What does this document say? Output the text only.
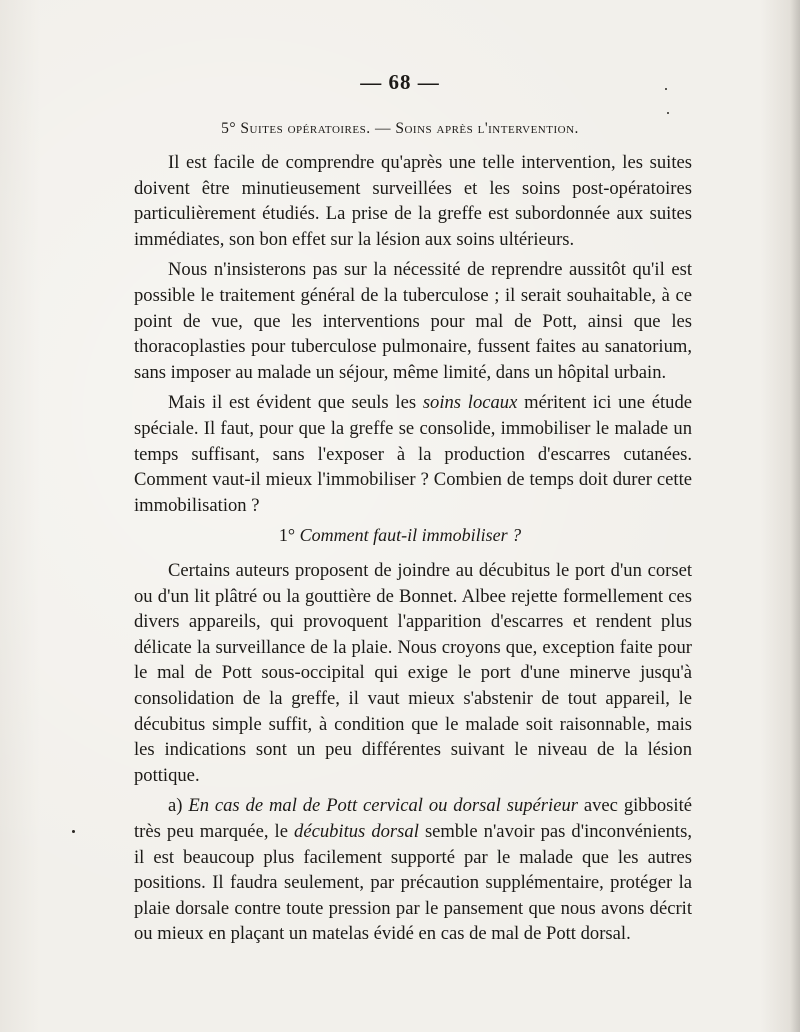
— 68 —
5° Suites opératoires. — Soins après l'intervention.

Il est facile de comprendre qu'après une telle intervention, les suites doivent être minutieusement surveillées et les soins post-opératoires particulièrement étudiés. La prise de la greffe est subordonnée aux suites immédiates, son bon effet sur la lésion aux soins ultérieurs.

Nous n'insisterons pas sur la nécessité de reprendre aussitôt qu'il est possible le traitement général de la tuberculose ; il serait souhaitable, à ce point de vue, que les interventions pour mal de Pott, ainsi que les thoracoplasties pour tuberculose pulmonaire, fussent faites au sanatorium, sans imposer au malade un séjour, même limité, dans un hôpital urbain.

Mais il est évident que seuls les soins locaux méritent ici une étude spéciale. Il faut, pour que la greffe se consolide, immobiliser le malade un temps suffisant, sans l'exposer à la production d'escarres cutanées. Comment vaut-il mieux l'immobiliser ? Combien de temps doit durer cette immobilisation ?

1° Comment faut-il immobiliser ?

Certains auteurs proposent de joindre au décubitus le port d'un corset ou d'un lit plâtré ou la gouttière de Bonnet. Albee rejette formellement ces divers appareils, qui provoquent l'apparition d'escarres et rendent plus délicate la surveillance de la plaie. Nous croyons que, exception faite pour le mal de Pott sous-occipital qui exige le port d'une minerve jusqu'à consolidation de la greffe, il vaut mieux s'abstenir de tout appareil, le décubitus simple suffit, à condition que le malade soit raisonnable, mais les indications sont un peu différentes suivant le niveau de la lésion pottique.

a) En cas de mal de Pott cervical ou dorsal supérieur avec gibbosité très peu marquée, le décubitus dorsal semble n'avoir pas d'inconvénients, il est beaucoup plus facilement supporté par le malade que les autres positions. Il faudra seulement, par précaution supplémentaire, protéger la plaie dorsale contre toute pression par le pansement que nous avons décrit ou mieux en plaçant un matelas évidé en cas de mal de Pott dorsal.
